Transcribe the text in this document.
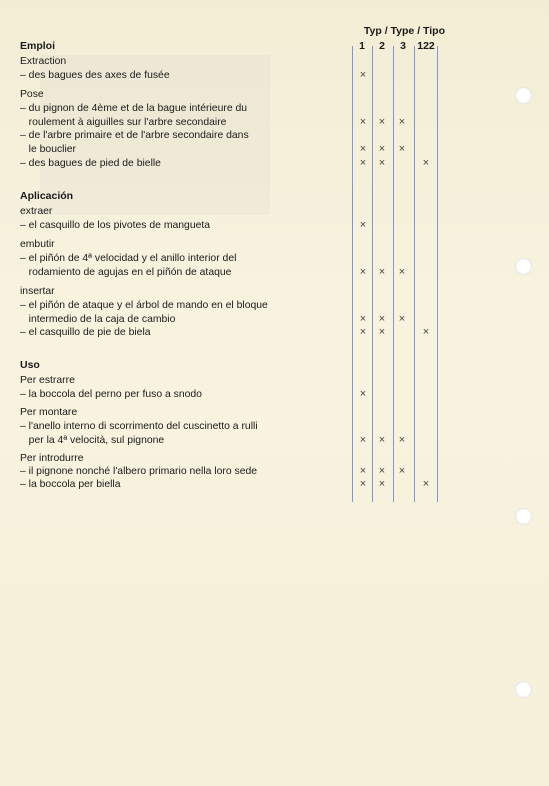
Typ / Type / Tipo
1 2 3 122
Emploi
Extraction
– des bagues des axes de fusée	×
Pose
– du pignon de 4ème et de la bague intérieure du
roulement à aiguilles sur l'arbre secondaire	× × ×
– de l'arbre primaire et de l'arbre secondaire dans
le bouclier	× × ×
– des bagues de pied de bielle	× ×	×
Aplicación
extraer
– el casquillo de los pivotes de mangueta	×
embutir
– el piñón de 4ª velocidad y el anillo interior del
rodamiento de agujas en el piñón de ataque	× × ×
insertar
– el piñón de ataque y el árbol de mando en el bloque
intermedio de la caja de cambio	× × ×
– el casquillo de pie de biela	× ×	×
Uso
Per estrarre
– la boccola del perno per fuso a snodo	×
Per montare
– l'anello interno di scorrimento del cuscinetto a rulli
per la 4ª velocità, sul pignone	× × ×
Per introdurre
– il pignone nonché l'albero primario nella loro sede	× × ×
– la boccola per biella	× ×	×
